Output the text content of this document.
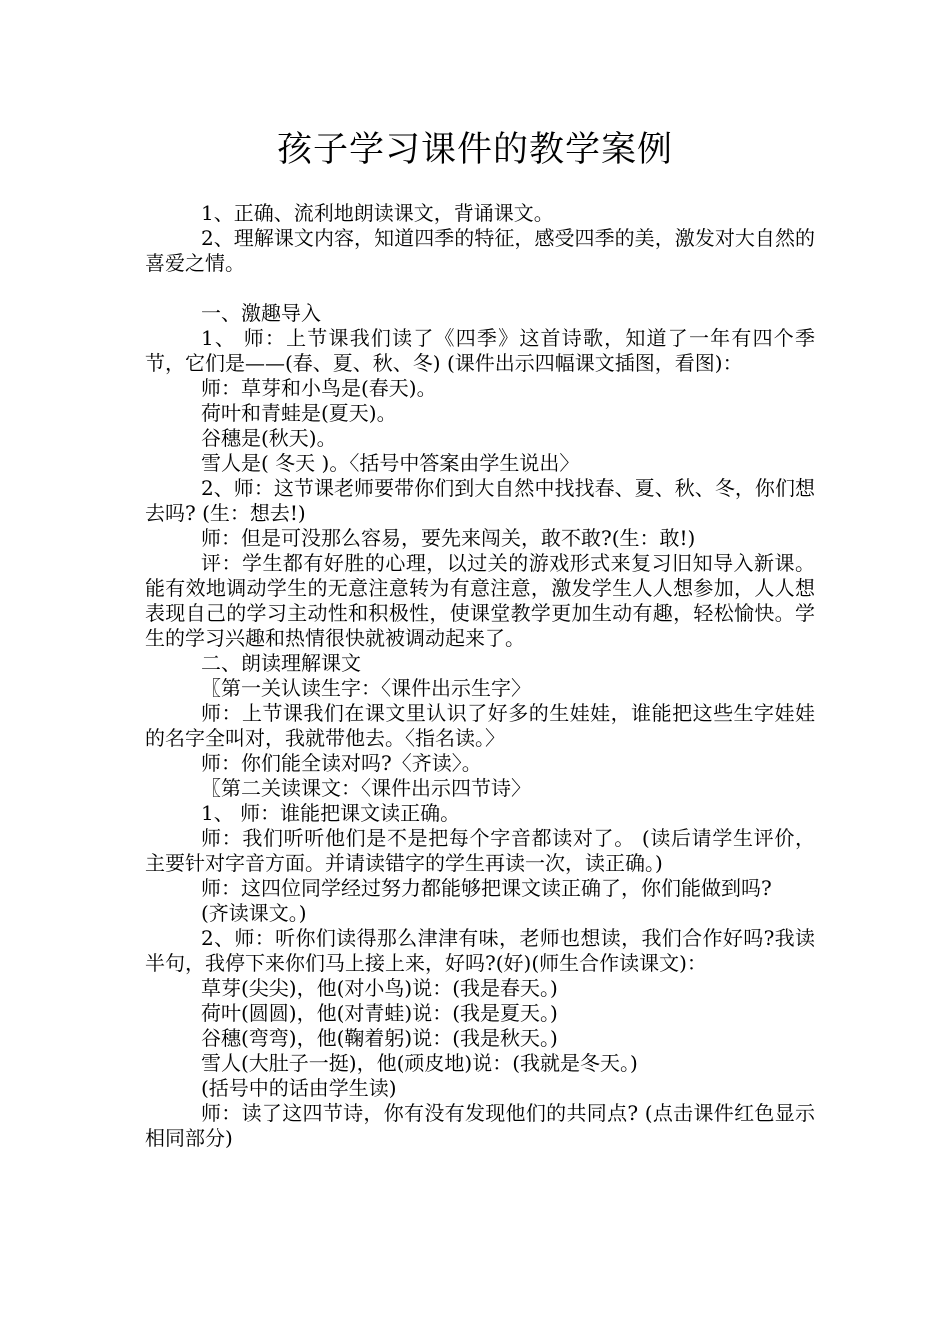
孩子学习课件的教学案例

1、正确、流利地朗读课文，背诵课文。

2、理解课文内容，知道四季的特征，感受四季的美，激发对大自然的喜爱之情。

一、激趣导入

1、 师：上节课我们读了《四季》这首诗歌，知道了一年有四个季节，它们是——(春、夏、秋、冬) (课件出示四幅课文插图，看图)：

师：草芽和小鸟是(春天)。

荷叶和青蛙是(夏天)。

谷穗是(秋天)。

雪人是( 冬天 )。〈括号中答案由学生说出〉

2、师：这节课老师要带你们到大自然中找找春、夏、秋、冬，你们想去吗? (生：想去!)

师：但是可没那么容易，要先来闯关，敢不敢?(生：敢!)

评：学生都有好胜的心理，以过关的游戏形式来复习旧知导入新课。能有效地调动学生的无意注意转为有意注意，激发学生人人想参加，人人想表现自己的学习主动性和积极性，使课堂教学更加生动有趣，轻松愉快。学生的学习兴趣和热情很快就被调动起来了。

二、朗读理解课文

〖第一关认读生字：〈课件出示生字〉

师：上节课我们在课文里认识了好多的生娃娃，谁能把这些生字娃娃的名字全叫对，我就带他去。〈指名读。〉

师：你们能全读对吗?〈齐读〉。

〖第二关读课文：〈课件出示四节诗〉

1、 师：谁能把课文读正确。

师：我们听听他们是不是把每个字音都读对了。 (读后请学生评价，主要针对字音方面。并请读错字的学生再读一次，读正确。)

师：这四位同学经过努力都能够把课文读正确了，你们能做到吗?

(齐读课文。)

2、师：听你们读得那么津津有味，老师也想读，我们合作好吗?我读半句，我停下来你们马上接上来，好吗?(好)(师生合作读课文)：

草芽(尖尖)，他(对小鸟)说：(我是春天。)

荷叶(圆圆)，他(对青蛙)说：(我是夏天。)

谷穗(弯弯)，他(鞠着躬)说：(我是秋天。)

雪人(大肚子一挺)，他(顽皮地)说：(我就是冬天。)

(括号中的话由学生读)

师：读了这四节诗，你有没有发现他们的共同点? (点击课件红色显示相同部分)
